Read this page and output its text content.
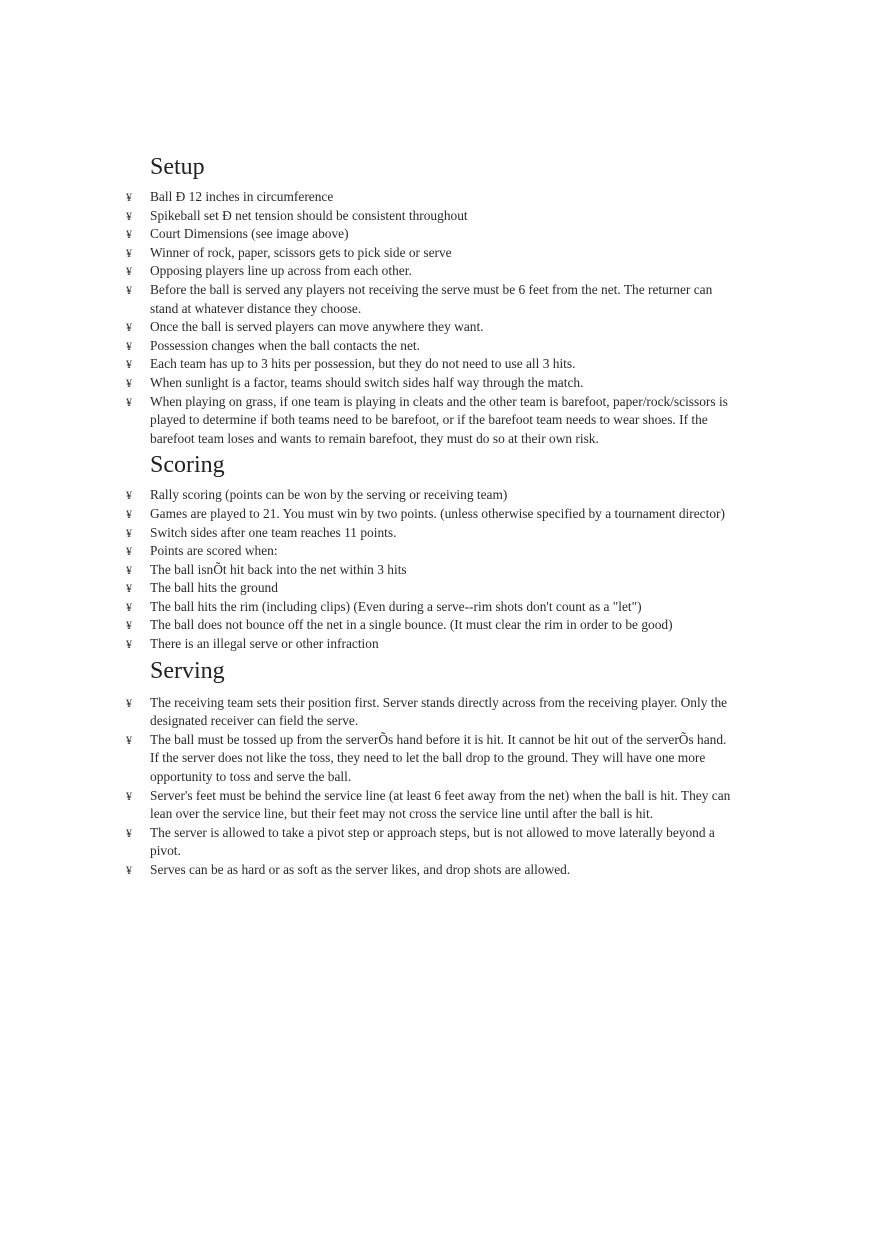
Setup
¥	Ball Ð 12 inches in circumference
¥	Spikeball set Ð net tension should be consistent throughout
¥	Court Dimensions (see image above)
¥	Winner of rock, paper, scissors gets to pick side or serve
¥	Opposing players line up across from each other.
¥	Before the ball is served any players not receiving the serve must be 6 feet from the net. The returner can stand at whatever distance they choose.
¥	Once the ball is served players can move anywhere they want.
¥	Possession changes when the ball contacts the net.
¥	Each team has up to 3 hits per possession, but they do not need to use all 3 hits.
¥	When sunlight is a factor, teams should switch sides half way through the match.
¥	When playing on grass, if one team is playing in cleats and the other team is barefoot, paper/rock/scissors is played to determine if both teams need to be barefoot, or if the barefoot team needs to wear shoes. If the barefoot team loses and wants to remain barefoot, they must do so at their own risk.
Scoring
¥	Rally scoring (points can be won by the serving or receiving team)
¥	Games are played to 21. You must win by two points. (unless otherwise specified by a tournament director)
¥	Switch sides after one team reaches 11 points.
¥	Points are scored when:
¥	The ball isnÕt hit back into the net within 3 hits
¥	The ball hits the ground
¥	The ball hits the rim (including clips) (Even during a serve--rim shots don't count as a "let")
¥	The ball does not bounce off the net in a single bounce. (It must clear the rim in order to be good)
¥	There is an illegal serve or other infraction
Serving
¥	The receiving team sets their position first. Server stands directly across from the receiving player. Only the designated receiver can field the serve.
¥	The ball must be tossed up from the serverÕs hand before it is hit. It cannot be hit out of the serverÕs hand. If the server does not like the toss, they need to let the ball drop to the ground. They will have one more opportunity to toss and serve the ball.
¥	Server's feet must be behind the service line (at least 6 feet away from the net) when the ball is hit. They can lean over the service line, but their feet may not cross the service line until after the ball is hit.
¥	The server is allowed to take a pivot step or approach steps, but is not allowed to move laterally beyond a pivot.
¥	Serves can be as hard or as soft as the server likes, and drop shots are allowed.
